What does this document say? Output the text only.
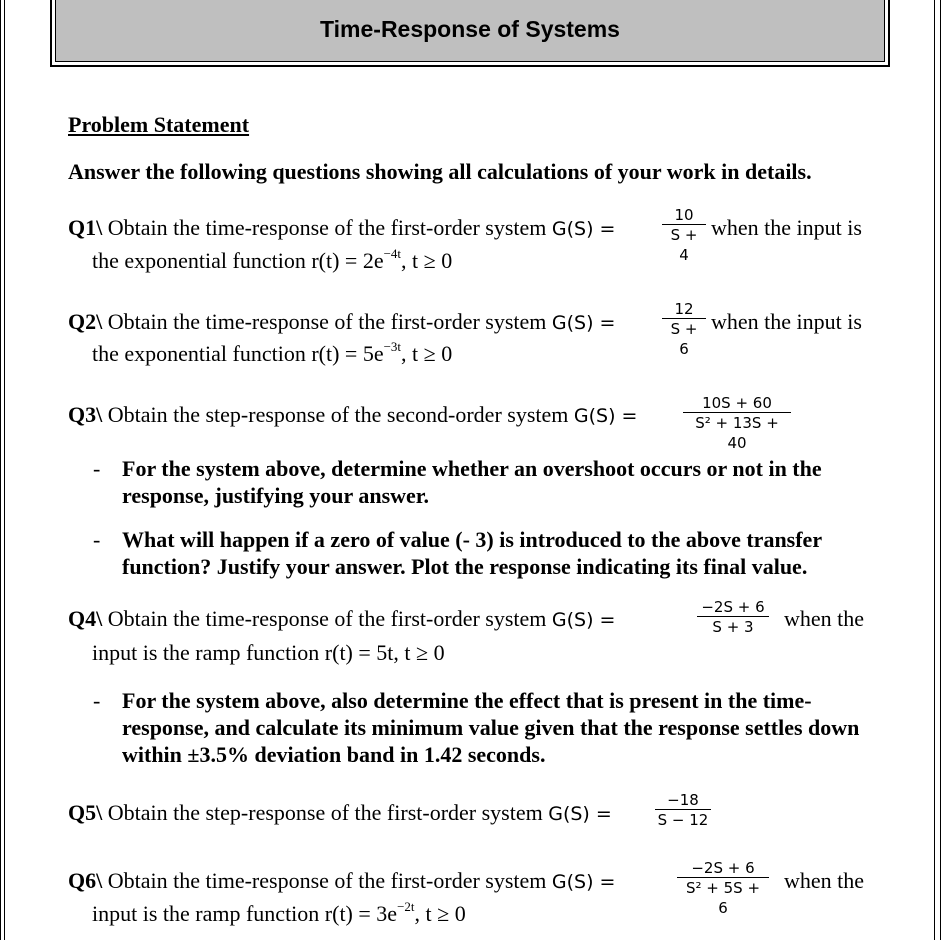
Time-Response of Systems
Problem Statement
Answer the following questions showing all calculations of your work in details.
Q1\ Obtain the time-response of the first-order system G(S) =
10
S + 4
when the input is
the exponential function $r(t) = 2e^{-4t}$, t ≥ 0
Q2\ Obtain the time-response of the first-order system G(S) =
12
S + 6
when the input is
the exponential function $r(t) = 5e^{-3t}$, t ≥ 0
Q3\ Obtain the step-response of the second-order system G(S) =
10S + 60
S² + 13S + 40
- For the system above, determine whether an overshoot occurs or not in the response, justifying your answer.
- What will happen if a zero of value (- 3) is introduced to the above transfer function? Justify your answer. Plot the response indicating its final value.
Q4\ Obtain the time-response of the first-order system G(S) =
−2S + 6
S + 3	when the
input is the ramp function r(t) = 5t, t ≥ 0
- For the system above, also determine the effect that is present in the time-response, and calculate its minimum value given that the response settles down within ±3.5% deviation band in 1.42 seconds.
Q5\ Obtain the step-response of the first-order system G(S) =
−18
S − 12
Q6\ Obtain the time-response of the first-order system G(S) =
−2S + 6
S² + 5S + 6
when the
input is the ramp function $r(t) = 3e^{-2t}$, t ≥ 0
